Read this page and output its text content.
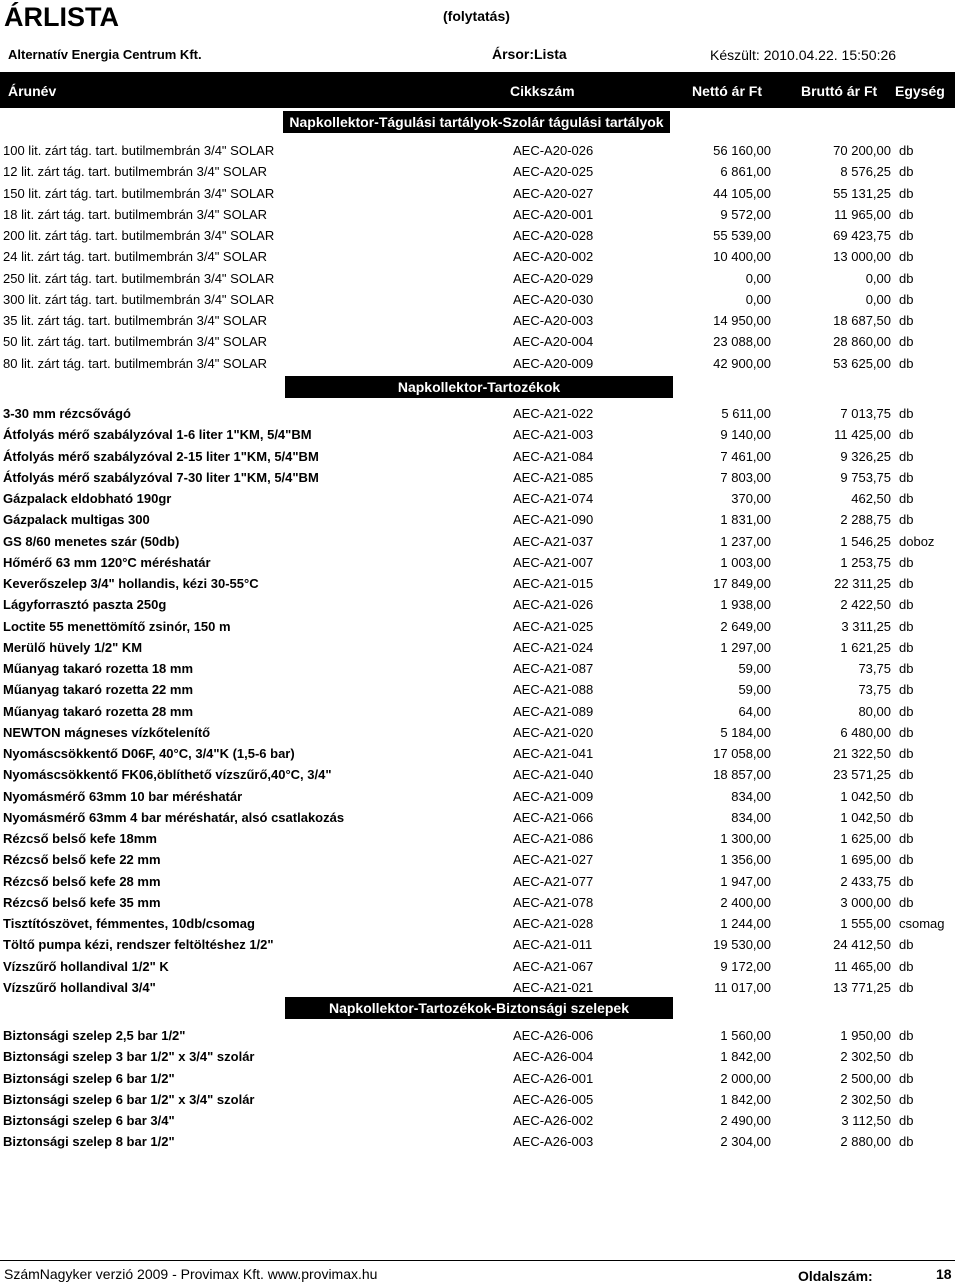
ÁRLISTA	(folytatás)
Alternatív Energia Centrum Kft.	Ársor:Lista	Készült: 2010.04.22. 15:50:26
Árunév	Cikkszám	Nettó ár Ft	Bruttó ár Ft Egység
Napkollektor-Tágulási tartályok-Szolár tágulási tartályok
100 lit. zárt tág. tart. butilmembrán 3/4" SOLAR	AEC-A20-026	56 160,00	70 200,00 db
12 lit. zárt tág. tart. butilmembrán 3/4" SOLAR	AEC-A20-025	6 861,00	8 576,25 db
150 lit. zárt tág. tart. butilmembrán 3/4" SOLAR	AEC-A20-027	44 105,00	55 131,25 db
18 lit. zárt tág. tart. butilmembrán 3/4" SOLAR	AEC-A20-001	9 572,00	11 965,00 db
200 lit. zárt tág. tart. butilmembrán 3/4" SOLAR	AEC-A20-028	55 539,00	69 423,75 db
24 lit. zárt tág. tart. butilmembrán 3/4" SOLAR	AEC-A20-002	10 400,00	13 000,00 db
250 lit. zárt tág. tart. butilmembrán 3/4" SOLAR	AEC-A20-029	0,00	0,00 db
300 lit. zárt tág. tart. butilmembrán 3/4" SOLAR	AEC-A20-030	0,00	0,00 db
35 lit. zárt tág. tart. butilmembrán 3/4" SOLAR	AEC-A20-003	14 950,00	18 687,50 db
50 lit. zárt tág. tart. butilmembrán 3/4" SOLAR	AEC-A20-004	23 088,00	28 860,00 db
80 lit. zárt tág. tart. butilmembrán 3/4" SOLAR	AEC-A20-009	42 900,00	53 625,00 db
Napkollektor-Tartozékok
3-30 mm rézcsővágó	AEC-A21-022	5 611,00	7 013,75 db
Átfolyás mérő szabályzóval 1-6 liter 1"KM, 5/4"BM	AEC-A21-003	9 140,00	11 425,00 db
Átfolyás mérő szabályzóval 2-15 liter 1"KM, 5/4"BM	AEC-A21-084	7 461,00	9 326,25 db
Átfolyás mérő szabályzóval 7-30 liter 1"KM, 5/4"BM	AEC-A21-085	7 803,00	9 753,75 db
Gázpalack eldobható 190gr	AEC-A21-074	370,00	462,50 db
Gázpalack multigas 300	AEC-A21-090	1 831,00	2 288,75 db
GS 8/60 menetes szár (50db)	AEC-A21-037	1 237,00	1 546,25 doboz
Hőmérő 63 mm 120°C méréshatár	AEC-A21-007	1 003,00	1 253,75 db
Keverőszelep 3/4" hollandis, kézi 30-55°C	AEC-A21-015	17 849,00	22 311,25 db
Lágyforrasztó paszta 250g	AEC-A21-026	1 938,00	2 422,50 db
Loctite 55 menettömítő zsinór, 150 m	AEC-A21-025	2 649,00	3 311,25 db
Merülő hüvely 1/2" KM	AEC-A21-024	1 297,00	1 621,25 db
Műanyag takaró rozetta 18 mm	AEC-A21-087	59,00	73,75 db
Műanyag takaró rozetta 22 mm	AEC-A21-088	59,00	73,75 db
Műanyag takaró rozetta 28 mm	AEC-A21-089	64,00	80,00 db
NEWTON mágneses vízkőtelenítő	AEC-A21-020	5 184,00	6 480,00 db
Nyomáscsökkentő D06F, 40°C, 3/4"K (1,5-6 bar)	AEC-A21-041	17 058,00	21 322,50 db
Nyomáscsökkentő FK06,öblíthető vízszűrő,40°C, 3/4"	AEC-A21-040	18 857,00	23 571,25 db
Nyomásmérő 63mm 10 bar méréshatár	AEC-A21-009	834,00	1 042,50 db
Nyomásmérő 63mm 4 bar méréshatár, alsó csatlakozás	AEC-A21-066	834,00	1 042,50 db
Rézcső belső kefe 18mm	AEC-A21-086	1 300,00	1 625,00 db
Rézcső belső kefe 22 mm	AEC-A21-027	1 356,00	1 695,00 db
Rézcső belső kefe 28 mm	AEC-A21-077	1 947,00	2 433,75 db
Rézcső belső kefe 35 mm	AEC-A21-078	2 400,00	3 000,00 db
Tisztítószövet, fémmentes, 10db/csomag	AEC-A21-028	1 244,00	1 555,00 csomag
Töltő pumpa kézi, rendszer feltöltéshez 1/2"	AEC-A21-011	19 530,00	24 412,50 db
Vízszűrő hollandival 1/2" K	AEC-A21-067	9 172,00	11 465,00 db
Vízszűrő hollandival 3/4"	AEC-A21-021	11 017,00	13 771,25 db
Napkollektor-Tartozékok-Biztonsági szelepek
Biztonsági szelep 2,5 bar 1/2"	AEC-A26-006	1 560,00	1 950,00 db
Biztonsági szelep 3 bar 1/2" x 3/4" szolár	AEC-A26-004	1 842,00	2 302,50 db
Biztonsági szelep 6 bar 1/2"	AEC-A26-001	2 000,00	2 500,00 db
Biztonsági szelep 6 bar 1/2" x 3/4" szolár	AEC-A26-005	1 842,00	2 302,50 db
Biztonsági szelep 6 bar 3/4"	AEC-A26-002	2 490,00	3 112,50 db
Biztonsági szelep 8 bar 1/2"	AEC-A26-003	2 304,00	2 880,00 db
SzámNagyker verzió 2009 - Provimax Kft. www.provimax.hu	Oldalszám:	18
